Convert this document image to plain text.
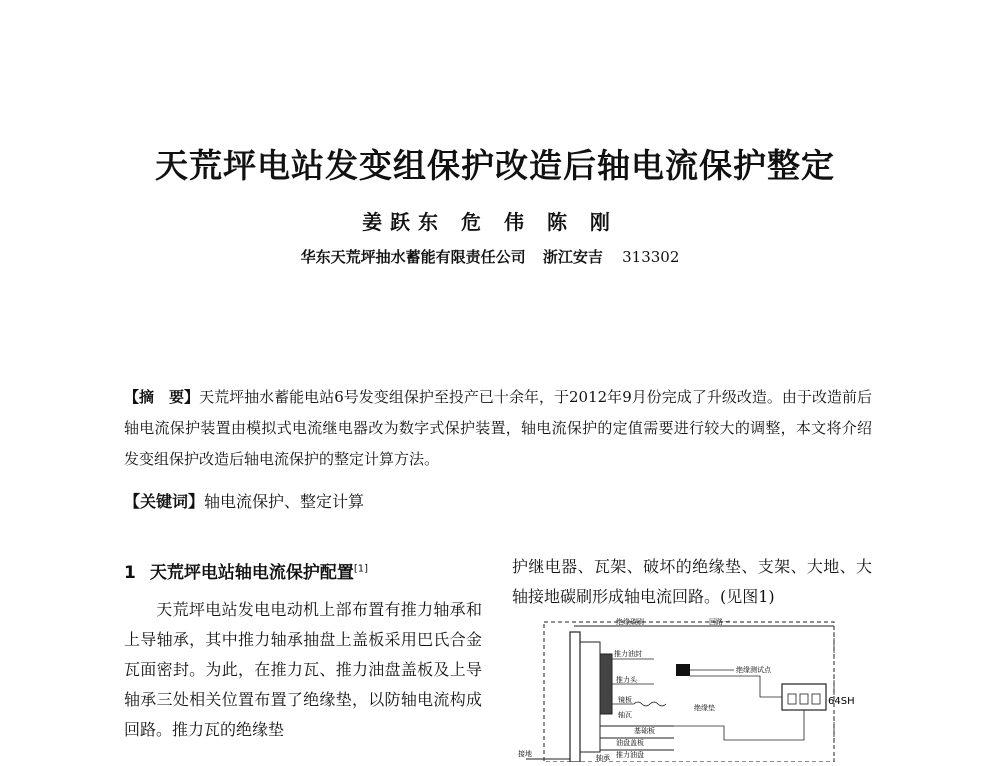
天荒坪电站发变组保护改造后轴电流保护整定
姜跃东 危 伟 陈 刚
华东天荒坪抽水蓄能有限责任公司 浙江安吉 313302
【摘　要】天荒坪抽水蓄能电站6号发变组保护至投产已十余年，于2012年9月份完成了升级改造。由于改造前后轴电流保护装置由模拟式电流继电器改为数字式保护装置，轴电流保护的定值需要进行较大的调整，本文将介绍发变组保护改造后轴电流保护的整定计算方法。
【关键词】轴电流保护、整定计算
1 天荒坪电站轴电流保护配置[1]
天荒坪电站发电电动机上部布置有推力轴承和上导轴承，其中推力轴承抽盘上盖板采用巴氏合金瓦面密封。为此，在推力瓦、推力油盘盖板及上导轴承三处相关位置布置了绝缘垫，以防轴电流构成回路。推力瓦的绝缘垫
护继电器、瓦架、破坏的绝缘垫、支架、大地、大轴接地碳刷形成轴电流回路。(见图1)
绝缘碳刷	回路一
推力油封
推力头
绝缘测试点
镜板
绝缘垫
轴瓦
基础板
油盘盖板
推力油盘
接地	轴承
64SH
